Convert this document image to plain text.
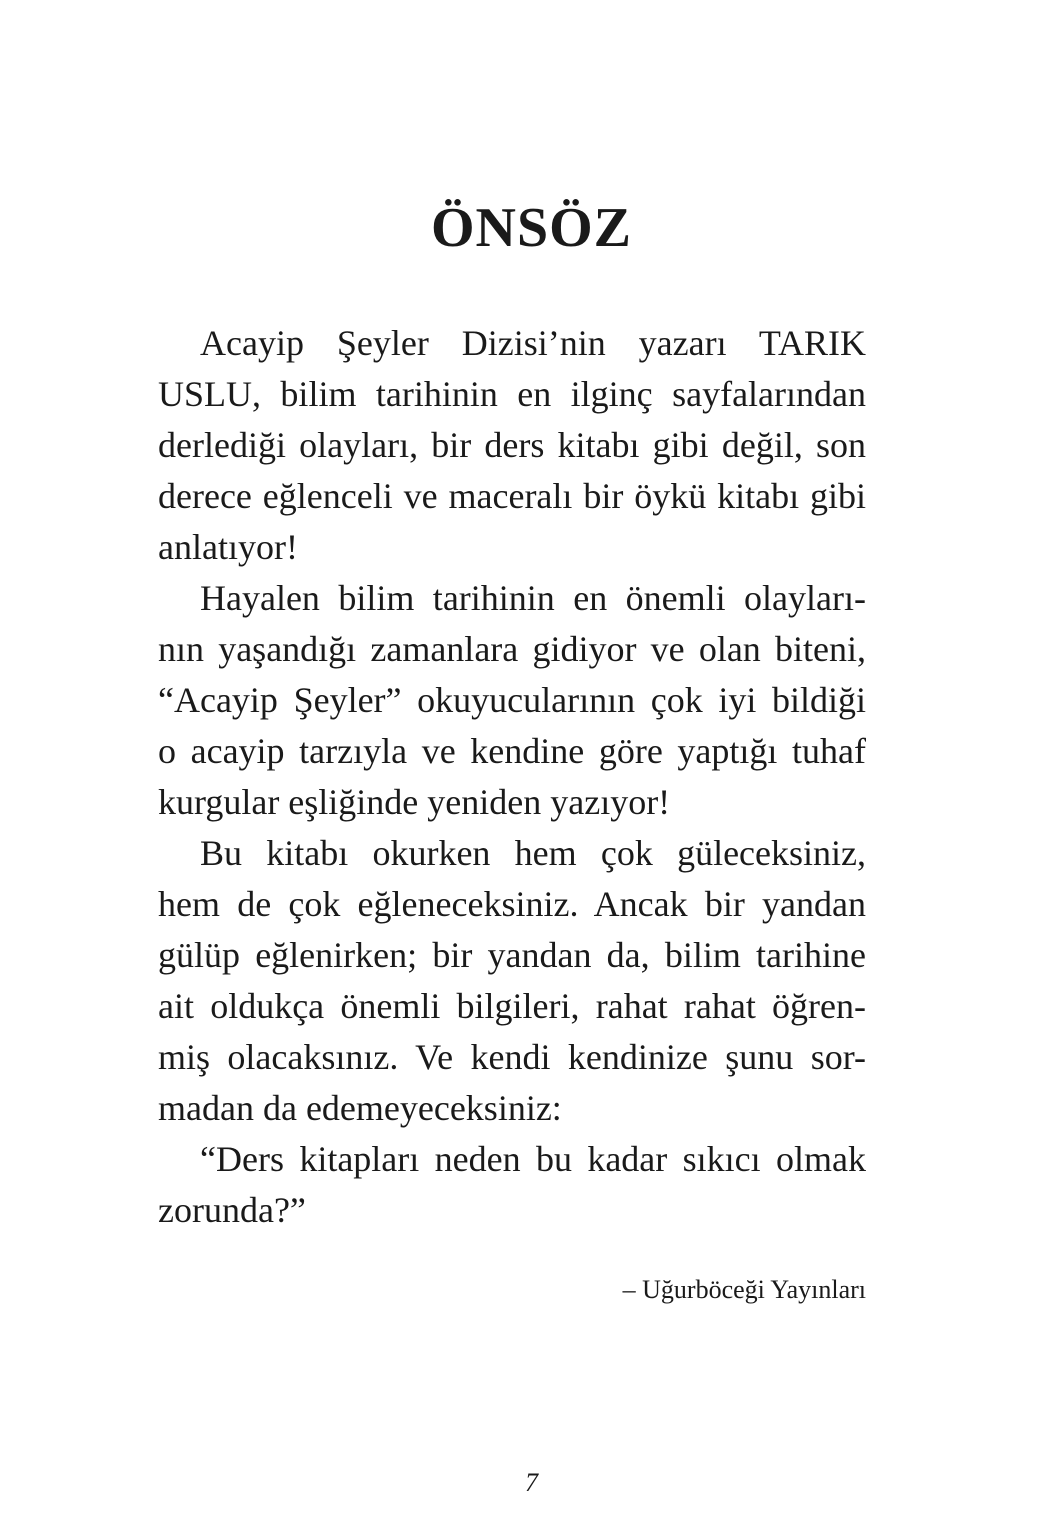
ÖNSÖZ
Acayip Şeyler Dizisi’nin yazarı TARIK
USLU, bilim tarihinin en ilginç sayfalarından
derlediği olayları, bir ders kitabı gibi değil, son
derece eğlenceli ve maceralı bir öykü kitabı gibi
anlatıyor!
Hayalen bilim tarihinin en önemli olayları-
nın yaşandığı zamanlara gidiyor ve olan biteni,
“Acayip Şeyler” okuyucularının çok iyi bildiği
o acayip tarzıyla ve kendine göre yaptığı tuhaf
kurgular eşliğinde yeniden yazıyor!
Bu kitabı okurken hem çok güleceksiniz,
hem de çok eğleneceksiniz. Ancak bir yandan
gülüp eğlenirken; bir yandan da, bilim tarihine
ait oldukça önemli bilgileri, rahat rahat öğren-
miş olacaksınız. Ve kendi kendinize şunu sor-
madan da edemeyeceksiniz:
“Ders kitapları neden bu kadar sıkıcı olmak
zorunda?”

– Uğurböceği Yayınları

7
